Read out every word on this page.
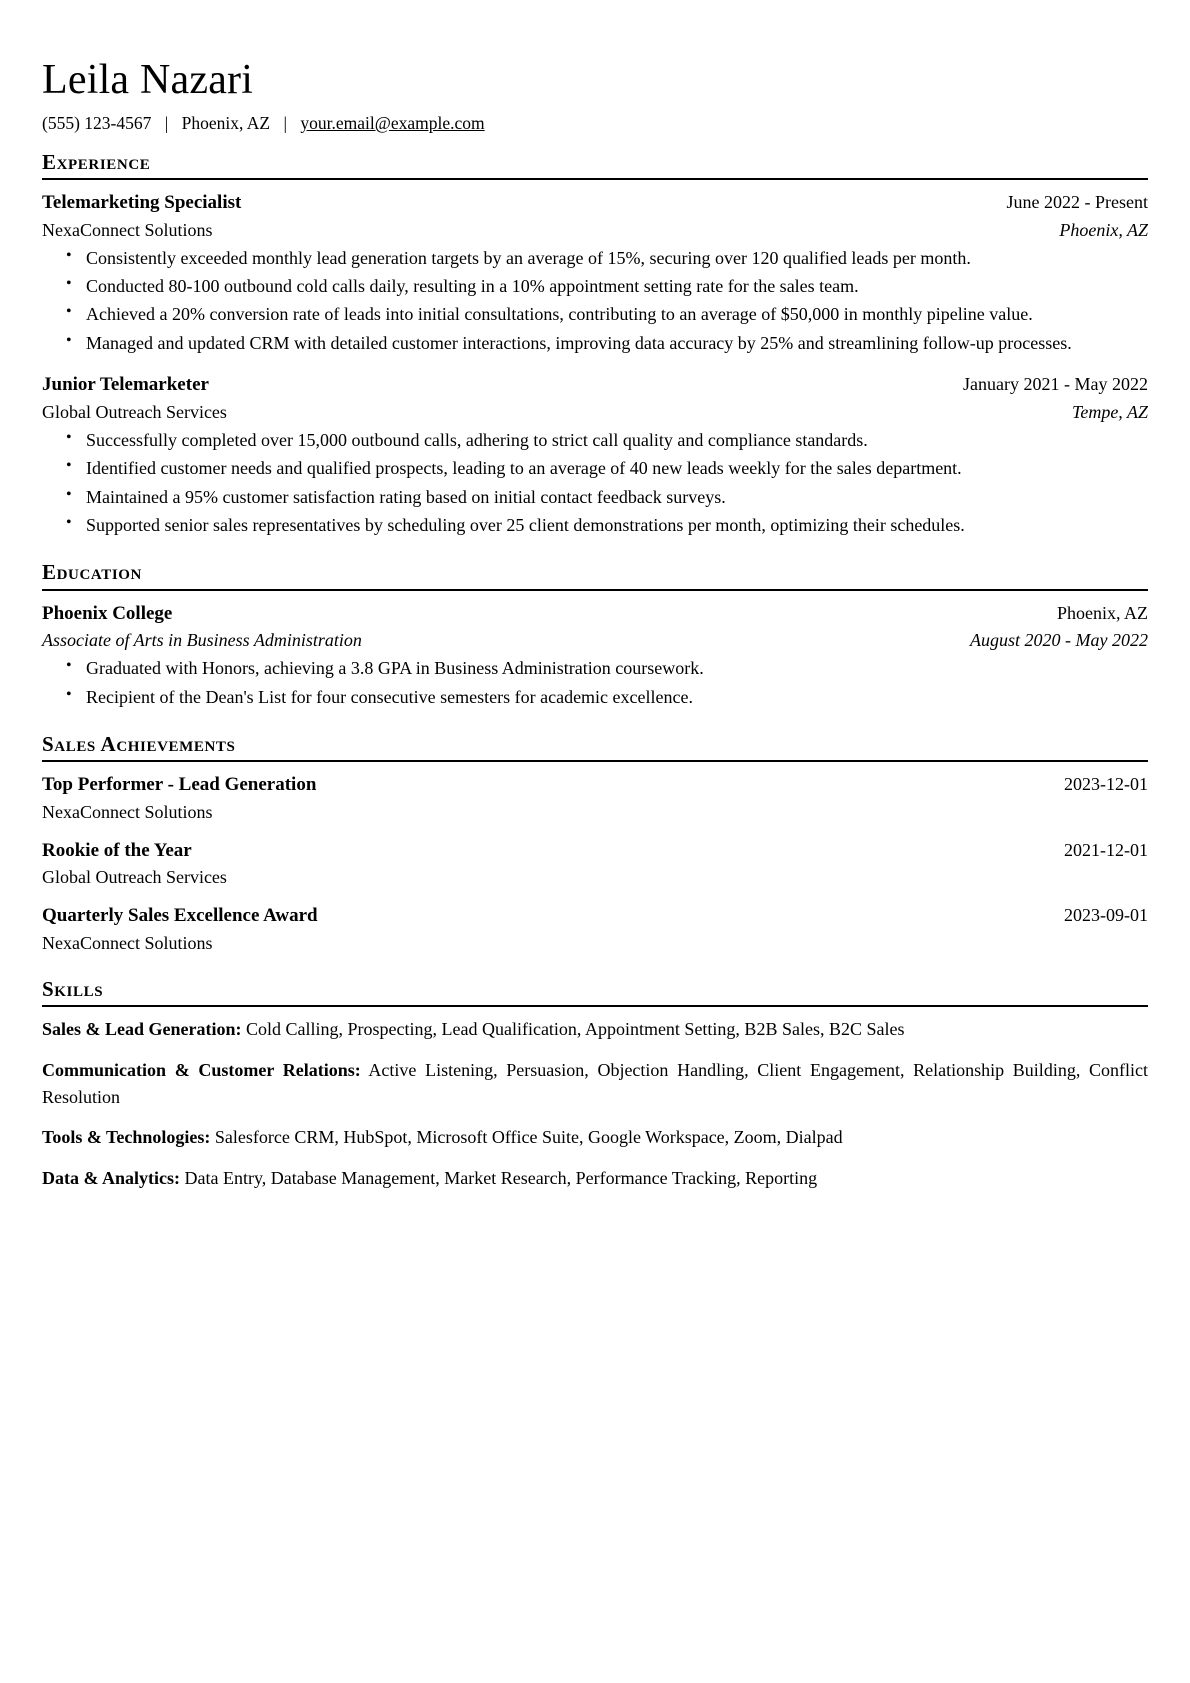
Leila Nazari
(555) 123-4567 | Phoenix, AZ | your.email@example.com
Experience
Telemarketing Specialist	June 2022 - Present
NexaConnect Solutions	Phoenix, AZ
• Consistently exceeded monthly lead generation targets by an average of 15%, securing over 120 qualified leads per month.
• Conducted 80-100 outbound cold calls daily, resulting in a 10% appointment setting rate for the sales team.
• Achieved a 20% conversion rate of leads into initial consultations, contributing to an average of $50,000 in monthly pipeline value.
• Managed and updated CRM with detailed customer interactions, improving data accuracy by 25% and streamlining follow-up processes.
Junior Telemarketer	January 2021 - May 2022
Global Outreach Services	Tempe, AZ
• Successfully completed over 15,000 outbound calls, adhering to strict call quality and compliance standards.
• Identified customer needs and qualified prospects, leading to an average of 40 new leads weekly for the sales department.
• Maintained a 95% customer satisfaction rating based on initial contact feedback surveys.
• Supported senior sales representatives by scheduling over 25 client demonstrations per month, optimizing their schedules.
Education
Phoenix College	Phoenix, AZ
Associate of Arts in Business Administration	August 2020 - May 2022
• Graduated with Honors, achieving a 3.8 GPA in Business Administration coursework.
• Recipient of the Dean's List for four consecutive semesters for academic excellence.
Sales Achievements
Top Performer - Lead Generation	2023-12-01
NexaConnect Solutions
Rookie of the Year	2021-12-01
Global Outreach Services
Quarterly Sales Excellence Award	2023-09-01
NexaConnect Solutions
Skills

Sales & Lead Generation: Cold Calling, Prospecting, Lead Qualification, Appointment Setting, B2B Sales, B2C Sales

Communication & Customer Relations: Active Listening, Persuasion, Objection Handling, Client Engagement, Relationship Building, Conflict Resolution

Tools & Technologies: Salesforce CRM, HubSpot, Microsoft Office Suite, Google Workspace, Zoom, Dialpad

Data & Analytics: Data Entry, Database Management, Market Research, Performance Tracking, Reporting
